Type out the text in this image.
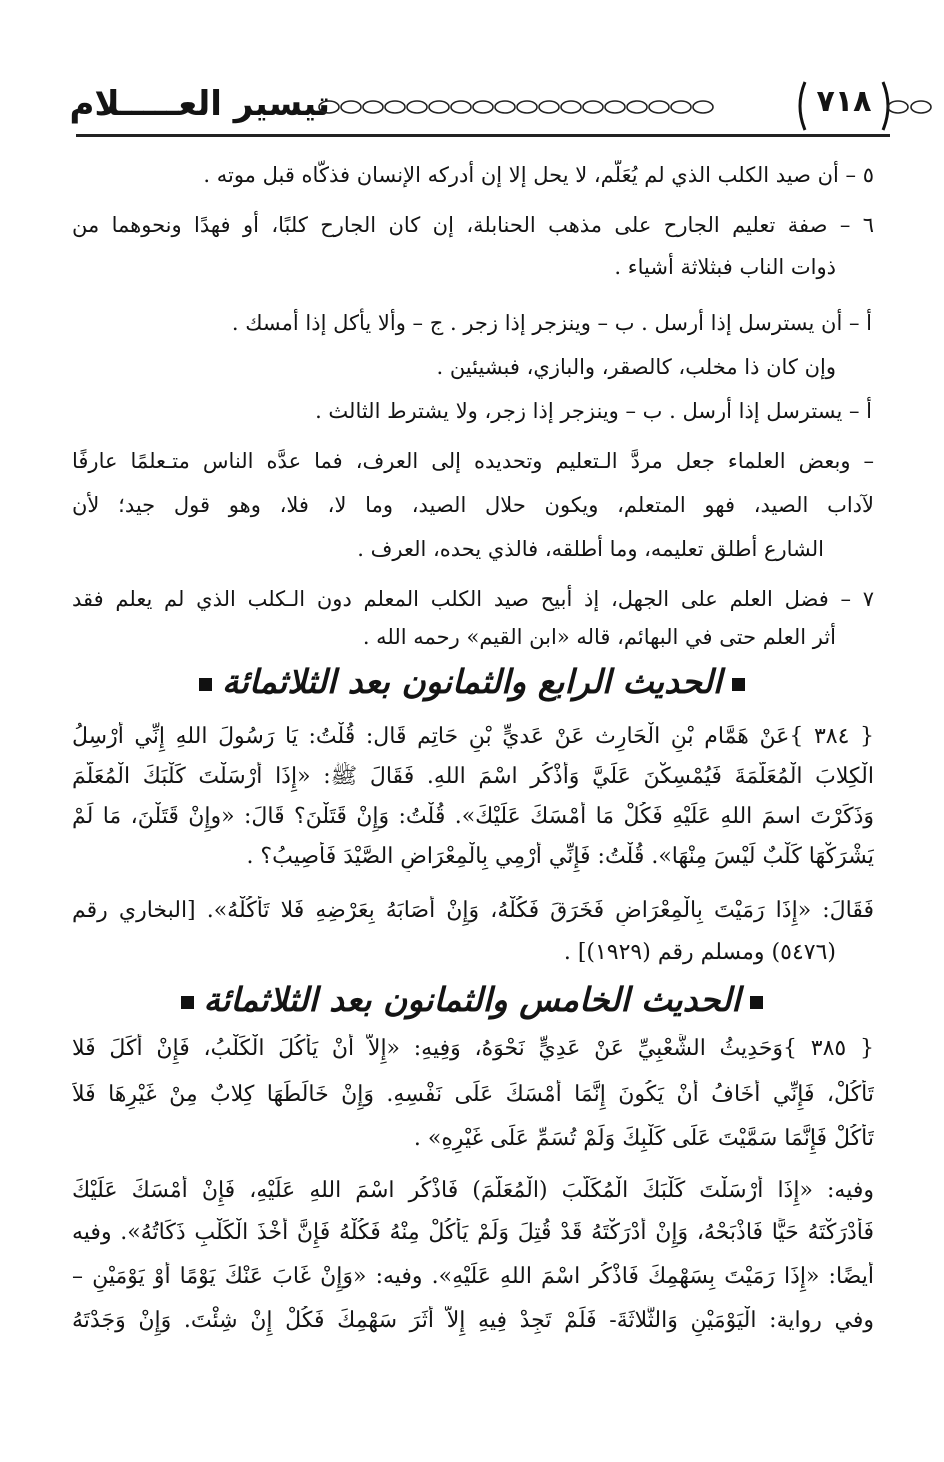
تيسير العـــــلام	٧١٨
٥ – أن صيد الكلب الذي لم يُعَلَّم، لا يحل إلا إن أدركه الإنسان فذكَّاه قبل موته .
٦ – صفة تعليم الجارح على مذهب الحنابلة، إن كان الجارح كلبًا، أو فهدًا ونحوهما من
ذوات الناب فبثلاثة أشياء .
أ – أن يسترسل إذا أرسل . ب – وينزجر إذا زجر . ج – وألا يأكل إذا أمسك .
وإن كان ذا مخلب، كالصقر، والبازي، فبشيئين .
أ – يسترسل إذا أرسل . ب – وينزجر إذا زجر، ولا يشترط الثالث .
– وبعض العلماء جعل مردَّ الـتعليم وتحديده إلى العرف، فما عدَّه الناس متـعلمًا عارفًا
لآداب الصيد، فهو المتعلم، ويكون حلال الصيد، وما لا، فلا، وهو قول جيد؛ لأن
الشارع أطلق تعليمه، وما أطلقه، فالذي يحده، العرف .
٧ – فضل العلم على الجهل، إذ أبيح صيد الكلب المعلم دون الـكلب الذي لم يعلم فقد
أثر العلم حتى في البهائم، قاله «ابن القيم» رحمه الله .
الحديث الرابع والثمانون بعد الثلاثمائة
{ ٣٨٤ }عَنْ هَمَّام بْنِ الْحَارِث عَنْ عَديٍّ بْنِ حَاتِم قَال: قُلْتُ: يَا رَسُولَ اللهِ إِنِّي أُرْسِلُ
الْكِلابَ الْمُعَلَّمَةَ فَيُمْسِكْنَ عَلَيَّ وَأَذْكُر اسْمَ اللهِ. فَقَالَ ﷺ: «إِذَا أَرْسَلْتَ كَلْبَكَ الْمُعَلَّمَ
وَذَكَرْتَ اسمَ اللهِ عَلَيْهِ فَكُلْ مَا أَمْسَكَ عَلَيْكَ». قُلْتُ: وَإِنْ قَتَلْنَ؟ قَالَ: «وإِنْ قَتَلْنَ، مَا لَمْ
يَشْرَكْهَا كَلْبٌ لَيْسَ مِنْهَا». قُلْتُ: فَإِنِّي أَرْمِي بِالْمِعْرَاضِ الصَّيْدَ فَأُصِيبُ؟ .
فَقَالَ: «إِذَا رَمَيْتَ بِالْمِعْرَاضِ فَخَرَقَ فَكُلْهُ، وَإِنْ أَصَابَهُ بِعَرْضِهِ فَلا تَأْكُلْهُ». [البخاري رقم
(٥٤٧٦) ومسلم رقم (١٩٢٩)] .
الحديث الخامس والثمانون بعد الثلاثمائة
{ ٣٨٥ }وَحَدِيثُ الشَّعْبِيِّ عَنْ عَدِيٍّ نَحْوَهُ، وَفِيهِ: «إِلاَّ أَنْ يَأْكُلَ الْكَلْبُ، فَإِنْ أَكَلَ فَلا
تَأْكُلْ، فَإِنِّي أَخَافُ أَنْ يَكُونَ إِنَّمَا أَمْسَكَ عَلَى نَفْسِهِ. وَإِنْ خَالَطَهَا كِلابٌ مِنْ غَيْرِهَا فَلاَ
تَأْكُلْ فَإِنَّمَا سَمَّيْتَ عَلَى كَلْبِكَ وَلَمْ تُسَمِّ عَلَى غَيْرِهِ» .
وفيه: «إِذَا أَرْسَلْتَ كَلْبَكَ الْمُكَلَّبَ (الْمُعَلَّمَ) فَاذْكُر اسْمَ اللهِ عَلَيْهِ، فَإِنْ أَمْسَكَ عَلَيْكَ
فَأَدْرَكْتَهُ حَيًّا فَاذْبَحْهُ، وَإِنْ أَدْرَكْتَهُ قَدْ قُتِلَ وَلَمْ يَأْكُلْ مِنْهُ فَكُلْهُ فَإِنَّ أَخْذَ الْكَلْبِ ذَكَاتُهُ». وفيه
أيضًا: «إِذَا رَمَيْتَ بِسَهْمِكَ فَاذْكُر اسْمَ اللهِ عَلَيْهِ». وفيه: «وَإِنْ غَابَ عَنْكَ يَوْمًا أَوْ يَوْمَيْنِ –
وفي رواية: الْيَوْمَيْنِ وَالثَّلاثَةَ- فَلَمْ تَجِدْ فِيهِ إِلاَّ أَثَرَ سَهْمِكَ فَكُلْ إِنْ شِئْتَ. وَإِنْ وَجَدْتَهُ
